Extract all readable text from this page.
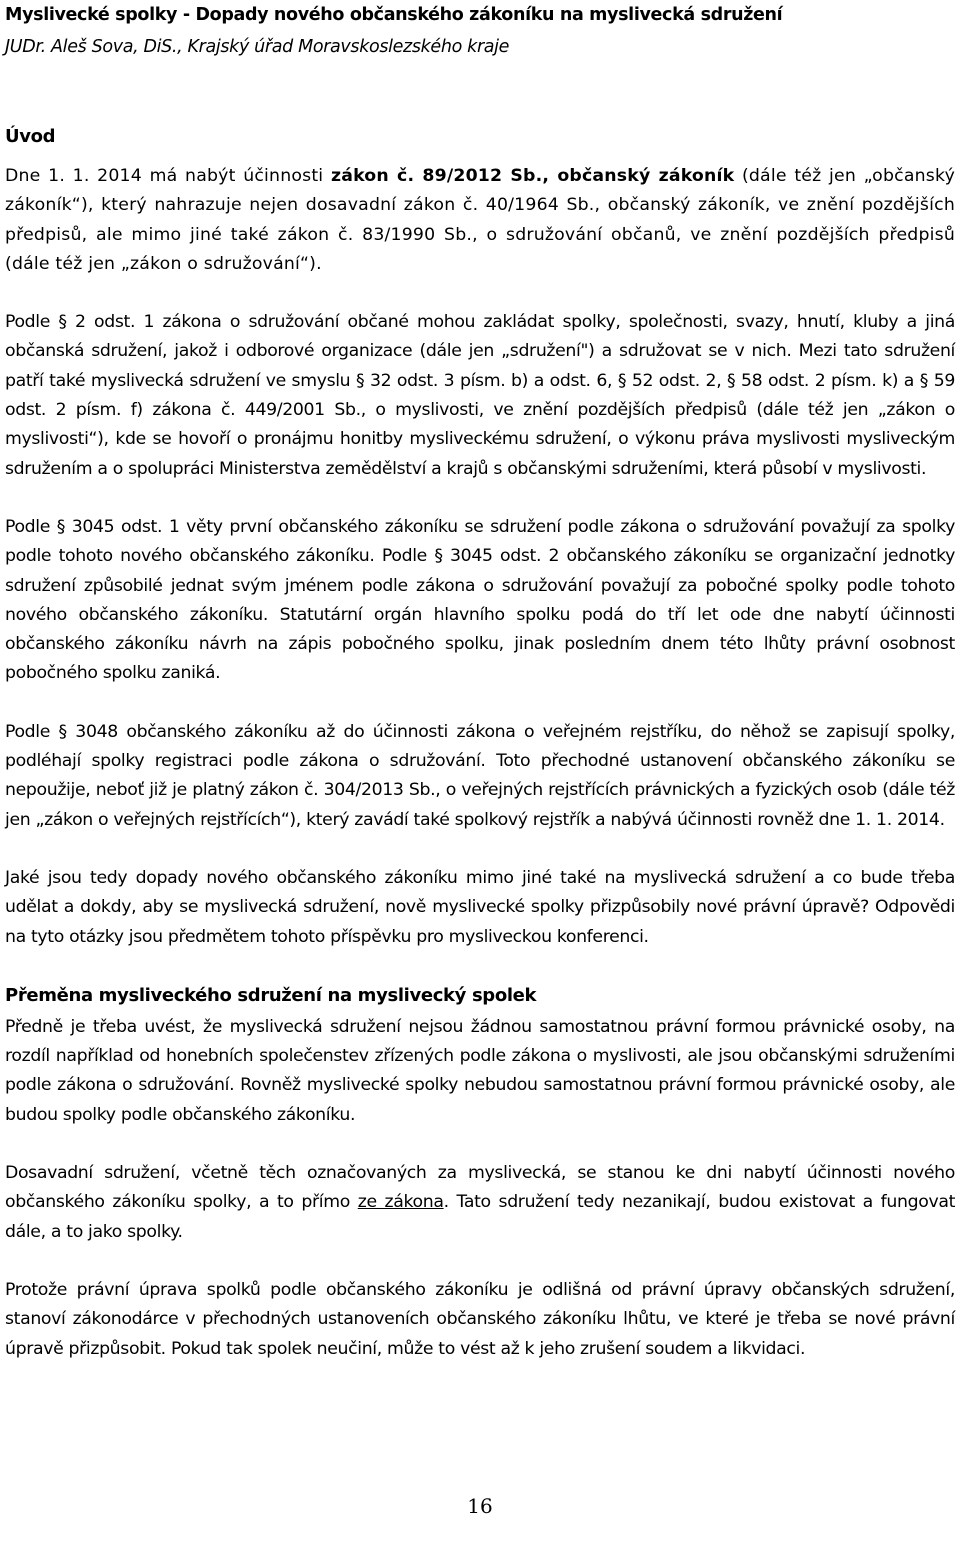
Myslivecké spolky - Dopady nového občanského zákoníku na myslivecká sdružení

JUDr. Aleš Sova, DiS., Krajský úřad Moravskoslezského kraje

Úvod

Dne 1. 1. 2014 má nabýt účinnosti zákon č. 89/2012 Sb., občanský zákoník (dále též jen „občanský zákoník“), který nahrazuje nejen dosavadní zákon č. 40/1964 Sb., občanský zákoník, ve znění pozdějších předpisů, ale mimo jiné také zákon č. 83/1990 Sb., o sdružování občanů, ve znění pozdějších předpisů (dále též jen „zákon o sdružování“).

Podle § 2 odst. 1 zákona o sdružování občané mohou zakládat spolky, společnosti, svazy, hnutí, kluby a jiná občanská sdružení, jakož i odborové organizace (dále jen „sdružení") a sdružovat se v nich. Mezi tato sdružení patří také myslivecká sdružení ve smyslu § 32 odst. 3 písm. b) a odst. 6, § 52 odst. 2, § 58 odst. 2 písm. k) a § 59 odst. 2 písm. f) zákona č. 449/2001 Sb., o myslivosti, ve znění pozdějších předpisů (dále též jen „zákon o myslivosti“), kde se hovoří o pronájmu honitby mysliveckému sdružení, o výkonu práva myslivosti mysliveckým sdružením a o spolupráci Ministerstva zemědělství a krajů s občanskými sdruženími, která působí v myslivosti.

Podle § 3045 odst. 1 věty první občanského zákoníku se sdružení podle zákona o sdružování považují za spolky podle tohoto nového občanského zákoníku. Podle § 3045 odst. 2 občanského zákoníku se organizační jednotky sdružení způsobilé jednat svým jménem podle zákona o sdružování považují za pobočné spolky podle tohoto nového občanského zákoníku. Statutární orgán hlavního spolku podá do tří let ode dne nabytí účinnosti občanského zákoníku návrh na zápis pobočného spolku, jinak posledním dnem této lhůty právní osobnost pobočného spolku zaniká.

Podle § 3048 občanského zákoníku až do účinnosti zákona o veřejném rejstříku, do něhož se zapisují spolky, podléhají spolky registraci podle zákona o sdružování. Toto přechodné ustanovení občanského zákoníku se nepoužije, neboť již je platný zákon č. 304/2013 Sb., o veřejných rejstřících právnických a fyzických osob (dále též jen „zákon o veřejných rejstřících“), který zavádí také spolkový rejstřík a nabývá účinnosti rovněž dne 1. 1. 2014.

Jaké jsou tedy dopady nového občanského zákoníku mimo jiné také na myslivecká sdružení a co bude třeba udělat a dokdy, aby se myslivecká sdružení, nově myslivecké spolky přizpůsobily nové právní úpravě? Odpovědi na tyto otázky jsou předmětem tohoto příspěvku pro mysliveckou konferenci.

Přeměna mysliveckého sdružení na myslivecký spolek

Předně je třeba uvést, že myslivecká sdružení nejsou žádnou samostatnou právní formou právnické osoby, na rozdíl například od honebních společenstev zřízených podle zákona o myslivosti, ale jsou občanskými sdruženími podle zákona o sdružování. Rovněž myslivecké spolky nebudou samostatnou právní formou právnické osoby, ale budou spolky podle občanského zákoníku.

Dosavadní sdružení, včetně těch označovaných za myslivecká, se stanou ke dni nabytí účinnosti nového občanského zákoníku spolky, a to přímo ze zákona. Tato sdružení tedy nezanikají, budou existovat a fungovat dále, a to jako spolky.

Protože právní úprava spolků podle občanského zákoníku je odlišná od právní úpravy občanských sdružení, stanoví zákonodárce v přechodných ustanoveních občanského zákoníku lhůtu, ve které je třeba se nové právní úpravě přizpůsobit. Pokud tak spolek neučiní, může to vést až k jeho zrušení soudem a likvidaci.

16
